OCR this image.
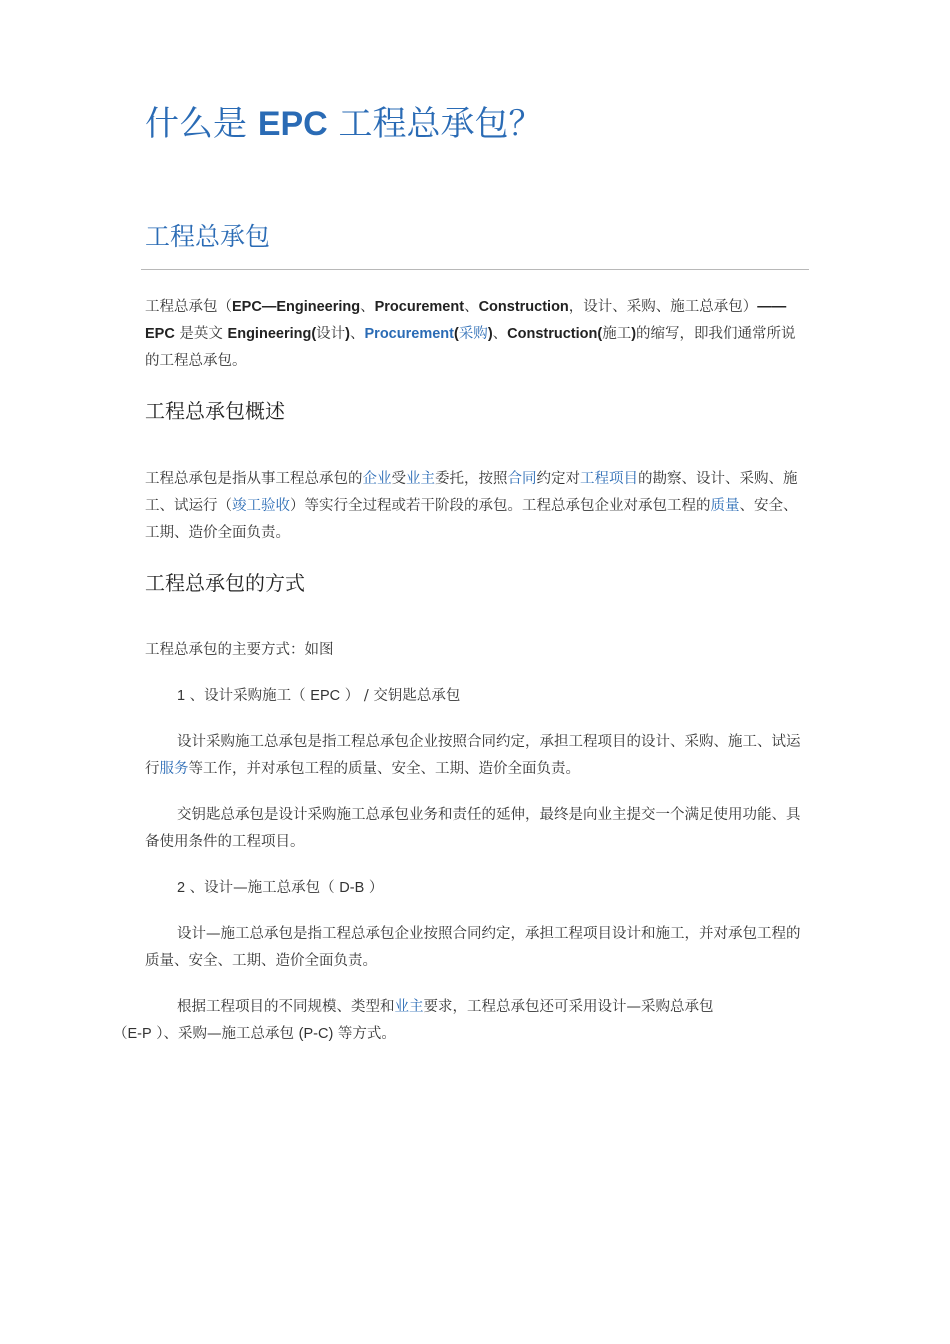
什么是 EPC 工程总承包？
工程总承包

工程总承包（EPC—Engineering、Procurement、Construction，设计、采购、施工总承包）——EPC 是英文 Engineering(设计)、Procurement(采购)、Construction(施工)的缩写，即我们通常所说的工程总承包。

工程总承包概述

工程总承包是指从事工程总承包的企业受业主委托，按照合同约定对工程项目的勘察、设计、采购、施工、试运行（竣工验收）等实行全过程或若干阶段的承包。工程总承包企业对承包工程的质量、安全、工期、造价全面负责。

工程总承包的方式

工程总承包的主要方式：如图

1 、设计采购施工（ EPC ） / 交钥匙总承包

设计采购施工总承包是指工程总承包企业按照合同约定，承担工程项目的设计、采购、施工、试运行服务等工作，并对承包工程的质量、安全、工期、造价全面负责。

交钥匙总承包是设计采购施工总承包业务和责任的延伸，最终是向业主提交一个满足使用功能、具备使用条件的工程项目。

2 、设计—施工总承包（ D-B ）

设计—施工总承包是指工程总承包企业按照合同约定，承担工程项目设计和施工，并对承包工程的质量、安全、工期、造价全面负责。

根据工程项目的不同规模、类型和业主要求，工程总承包还可采用设计—采购总承包
（E-P ）、采购—施工总承包 (P-C) 等方式。
